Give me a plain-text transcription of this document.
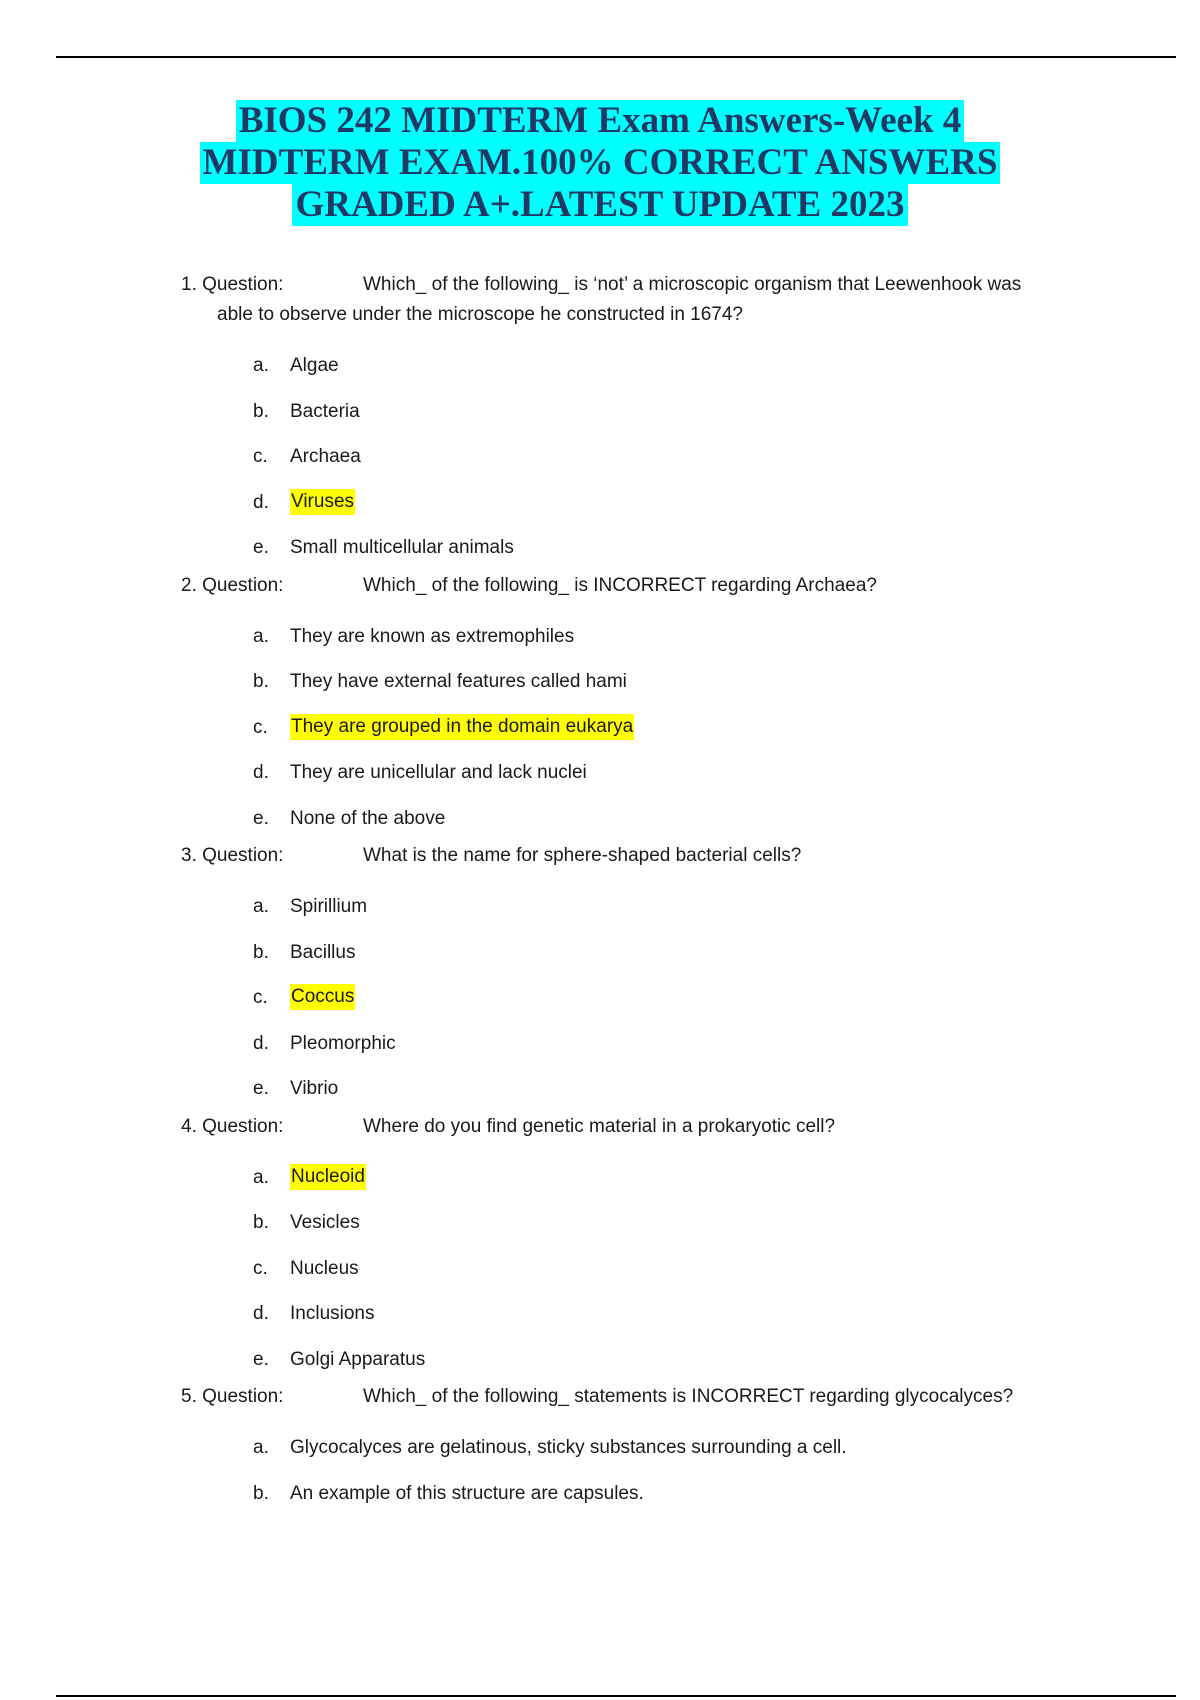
BIOS 242 MIDTERM Exam Answers-Week 4
MIDTERM EXAM.100% CORRECT ANSWERS
GRADED A+.LATEST UPDATE 2023
1. Question:	Which_ of the following_ is ‘not’ a microscopic organism that Leewenhook was
able to observe under the microscope he constructed in 1674?
a. Algae
b. Bacteria
c. Archaea
d. Viruses
e. Small multicellular animals
2. Question:	Which_ of the following_ is INCORRECT regarding Archaea?
a. They are known as extremophiles
b. They have external features called hami
c. They are grouped in the domain eukarya
d. They are unicellular and lack nuclei
e. None of the above
3. Question:	What is the name for sphere-shaped bacterial cells?
a. Spirillium
b. Bacillus
c. Coccus
d. Pleomorphic
e. Vibrio
4. Question:	Where do you find genetic material in a prokaryotic cell?
a. Nucleoid
b. Vesicles
c. Nucleus
d. Inclusions
e. Golgi Apparatus
5. Question:	Which_ of the following_ statements is INCORRECT regarding glycocalyces?
a. Glycocalyces are gelatinous, sticky substances surrounding a cell.
b. An example of this structure are capsules.
